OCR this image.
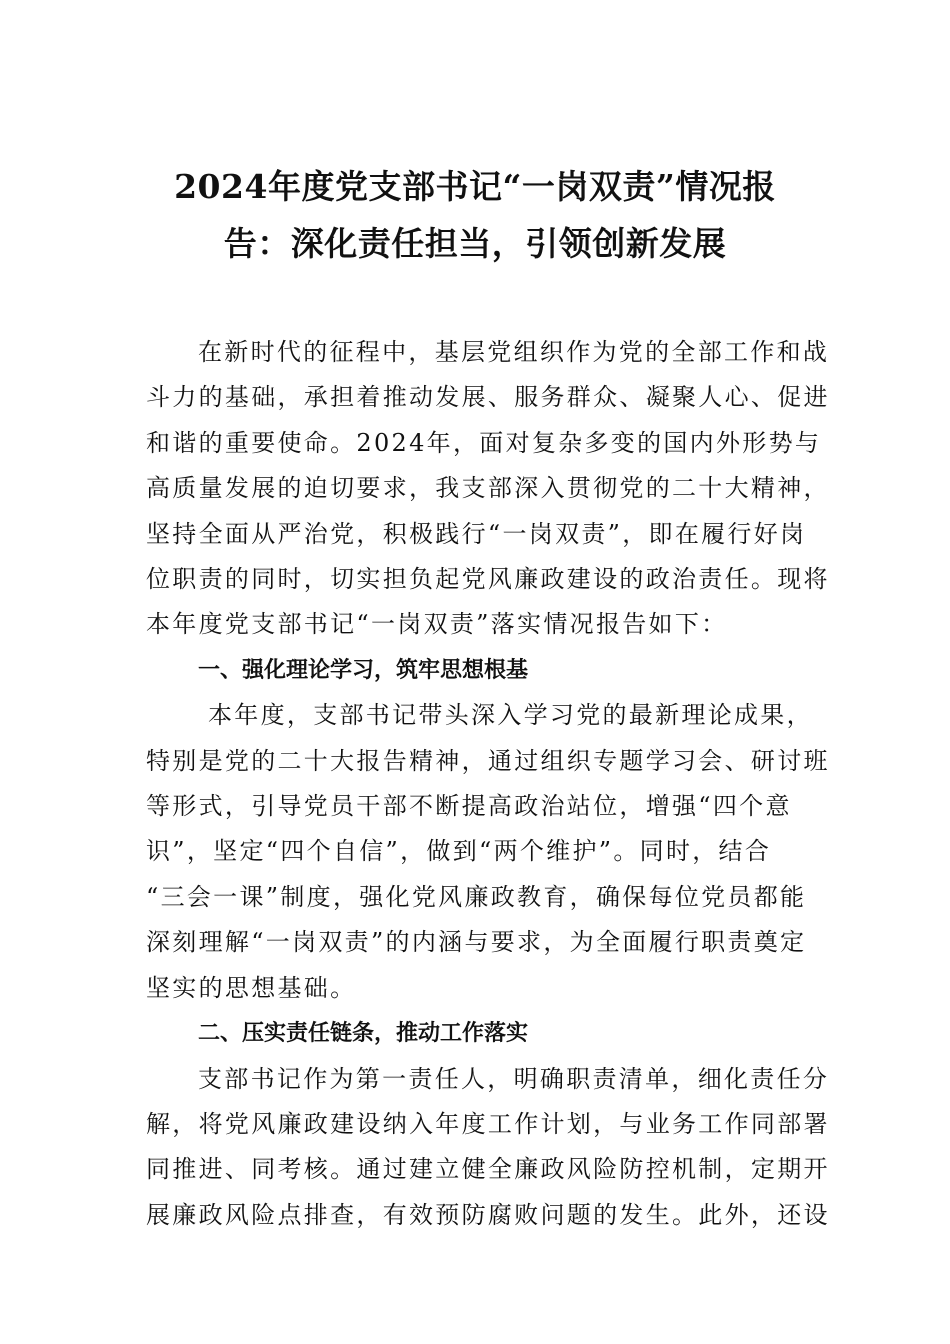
2024年度党支部书记“一岗双责”情况报
告：深化责任担当，引领创新发展

在新时代的征程中，基层党组织作为党的全部工作和战
斗力的基础，承担着推动发展、服务群众、凝聚人心、促进
和谐的重要使命。2024年，面对复杂多变的国内外形势与
高质量发展的迫切要求，我支部深入贯彻党的二十大精神，
坚持全面从严治党，积极践行“一岗双责”，即在履行好岗
位职责的同时，切实担负起党风廉政建设的政治责任。现将
本年度党支部书记“一岗双责”落实情况报告如下：

一、强化理论学习，筑牢思想根基

本年度，支部书记带头深入学习党的最新理论成果，
特别是党的二十大报告精神，通过组织专题学习会、研讨班
等形式，引导党员干部不断提高政治站位，增强“四个意
识”，坚定“四个自信”，做到“两个维护”。同时，结合
“三会一课”制度，强化党风廉政教育，确保每位党员都能
深刻理解“一岗双责”的内涵与要求，为全面履行职责奠定
坚实的思想基础。

二、压实责任链条，推动工作落实

支部书记作为第一责任人，明确职责清单，细化责任分
解，将党风廉政建设纳入年度工作计划，与业务工作同部署
同推进、同考核。通过建立健全廉政风险防控机制，定期开
展廉政风险点排查，有效预防腐败问题的发生。此外，还设
